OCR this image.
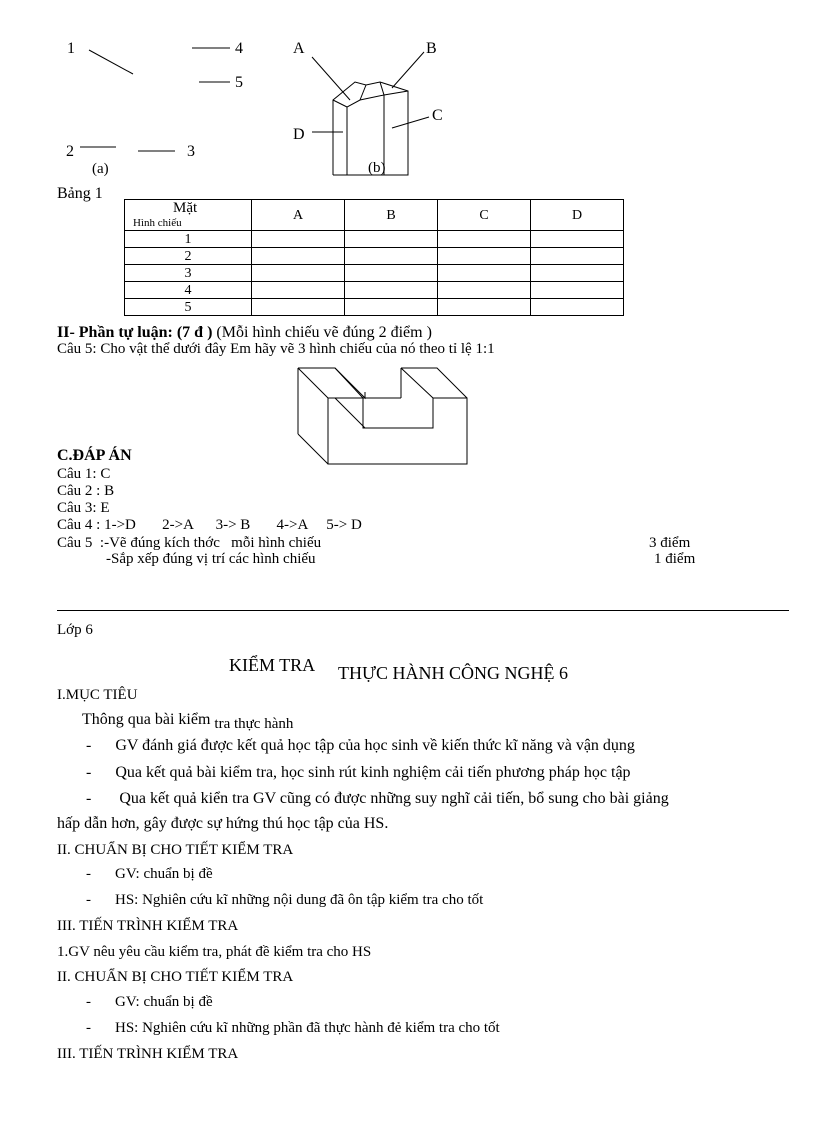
1	4
5
2	3
(a)
A	B
C
D
(b)
Bảng 1
Mặt
Hình chiếu	A	B	C	D
1				
2				
3				
4				
5				
II- Phần tự luận: (7 đ ) (Mỗi hình chiếu vẽ đúng 2 điểm )
Câu 5: Cho vật thể dưới đây Em hãy vẽ 3 hình chiếu của nó theo tỉ lệ 1:1
C.ĐÁP ÁN
Câu 1: C
Câu 2 : B
Câu 3: E
Câu 4 : 1->D       2->A      3-> B       4->A     5-> D
Câu 5  :-Vẽ đúng kích thớc   mỗi hình chiếu	3 điểm
-Sắp xếp đúng vị trí các hình chiếu	1 điểm
Lớp 6
KIỂM TRA THỰC HÀNH CÔNG NGHỆ 6
I.MỤC TIÊU
Thông qua bài kiểm tra thực hành
- GV đánh giá được kết quả học tập của học sinh về kiến thức kĩ năng và vận dụng
- Qua kết quả bài kiểm tra, học sinh rút kinh nghiệm cải tiến phương pháp học tập
- Qua kết quả kiển tra GV cũng có được những suy nghĩ cải tiến, bổ sung cho bài giảng
hấp dẫn hơn, gây được sự hứng thú học tập của HS.
II. CHUẨN BỊ CHO TIẾT KIỂM TRA
- GV: chuẩn bị đề
- HS: Nghiên cứu kĩ những nội dung đã ôn tập kiểm tra cho tốt
III. TIẾN TRÌNH KIỂM TRA
1.GV nêu yêu cầu kiểm tra, phát đề kiểm tra cho HS
II. CHUẨN BỊ CHO TIẾT KIỂM TRA
- GV: chuẩn bị đề
- HS: Nghiên cứu kĩ những phần đã thực hành đẻ kiểm tra cho tốt
III. TIẾN TRÌNH KIỂM TRA
